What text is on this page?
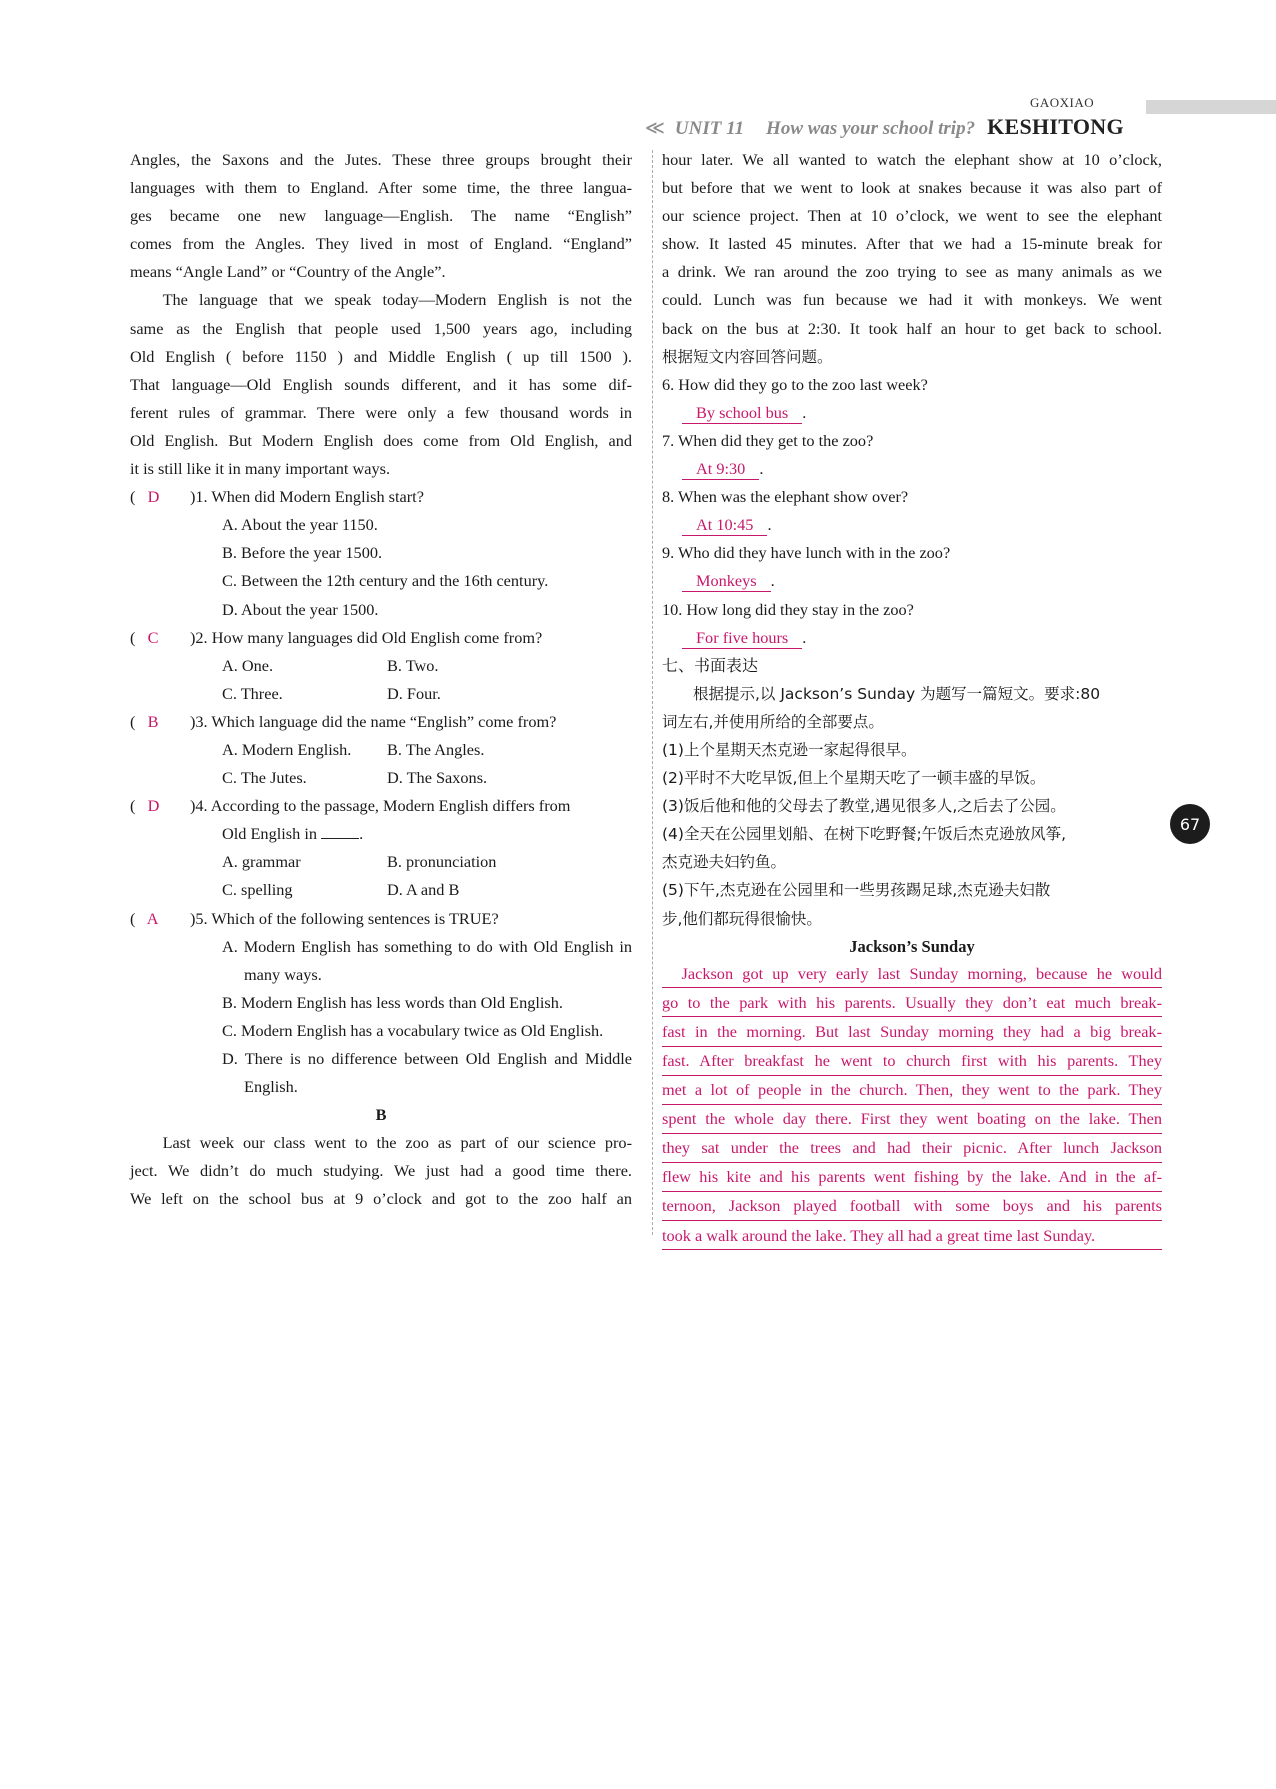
GAOXIAO
≪ UNIT 11 How was your school trip? KESHITONG

Angles, the Saxons and the Jutes. These three groups brought their

languages with them to England. After some time, the three langua-

ges became one new language—English. The name “English”

comes from the Angles. They lived in most of England. “England”

means “Angle Land” or “Country of the Angle”.

The language that we speak today—Modern English is not the

same as the English that people used 1,500 years ago, including

Old English ( before 1150 ) and Middle English ( up till 1500 ).

That language—Old English sounds different, and it has some dif-

ferent rules of grammar. There were only a few thousand words in

Old English. But Modern English does come from Old English, and

it is still like it in many important ways.

(   D	)1. When did Modern English start?

A. About the year 1150.

B. Before the year 1500.

C. Between the 12th century and the 16th century.

D. About the year 1500.

(   C	)2. How many languages did Old English come from?
A. One.	B. Two.
C. Three.	D. Four.
(   B	)3. Which language did the name “English” come from?
A. Modern English.	B. The Angles.
C. The Jutes.	D. The Saxons.
(   D	)4. According to the passage, Modern English differs from

Old English in	.

A. grammar	B. pronunciation
C. spelling	D. A and B
(   A	)5. Which of the following sentences is TRUE?

A. Modern English has something to do with Old English in many ways.

B. Modern English has less words than Old English.

C. Modern English has a vocabulary twice as Old English.

D. There is no difference between Old English and Middle English.

B

Last week our class went to the zoo as part of our science pro-

ject. We didn’t do much studying. We just had a good time there.

We left on the school bus at 9 o’clock and got to the zoo half an

hour later. We all wanted to watch the elephant show at 10 o’clock,

but before that we went to look at snakes because it was also part of

our science project. Then at 10 o’clock, we went to see the elephant

show. It lasted 45 minutes. After that we had a 15-minute break for

a drink. We ran around the zoo trying to see as many animals as we

could. Lunch was fun because we had it with monkeys. We went

back on the bus at 2:30. It took half an hour to get back to school.

根据短文内容回答问题。

6. How did they go to the zoo last week?

By school bus .

7. When did they get to the zoo?

At 9:30 .

8. When was the elephant show over?

At 10:45 .

9. Who did they have lunch with in the zoo?

Monkeys .

10. How long did they stay in the zoo?

For five hours .

七、书面表达

根据提示,以 Jackson’s Sunday 为题写一篇短文。要求:80

词左右,并使用所给的全部要点。

(1)上个星期天杰克逊一家起得很早。

(2)平时不大吃早饭,但上个星期天吃了一顿丰盛的早饭。

(3)饭后他和他的父母去了教堂,遇见很多人,之后去了公园。

(4)全天在公园里划船、在树下吃野餐;午饭后杰克逊放风筝,

杰克逊夫妇钓鱼。

(5)下午,杰克逊在公园里和一些男孩踢足球,杰克逊夫妇散

步,他们都玩得很愉快。

Jackson’s Sunday

Jackson got up very early last Sunday morning, because he would
go to the park with his parents. Usually they don’t eat much break-
fast in the morning. But last Sunday morning they had a big break-
fast. After breakfast he went to church first with his parents. They
met a lot of people in the church. Then, they went to the park. They
spent the whole day there. First they went boating on the lake. Then
they sat under the trees and had their picnic. After lunch Jackson
flew his kite and his parents went fishing by the lake. And in the af-
ternoon, Jackson played football with some boys and his parents
took a walk around the lake. They all had a great time last Sunday.
67
